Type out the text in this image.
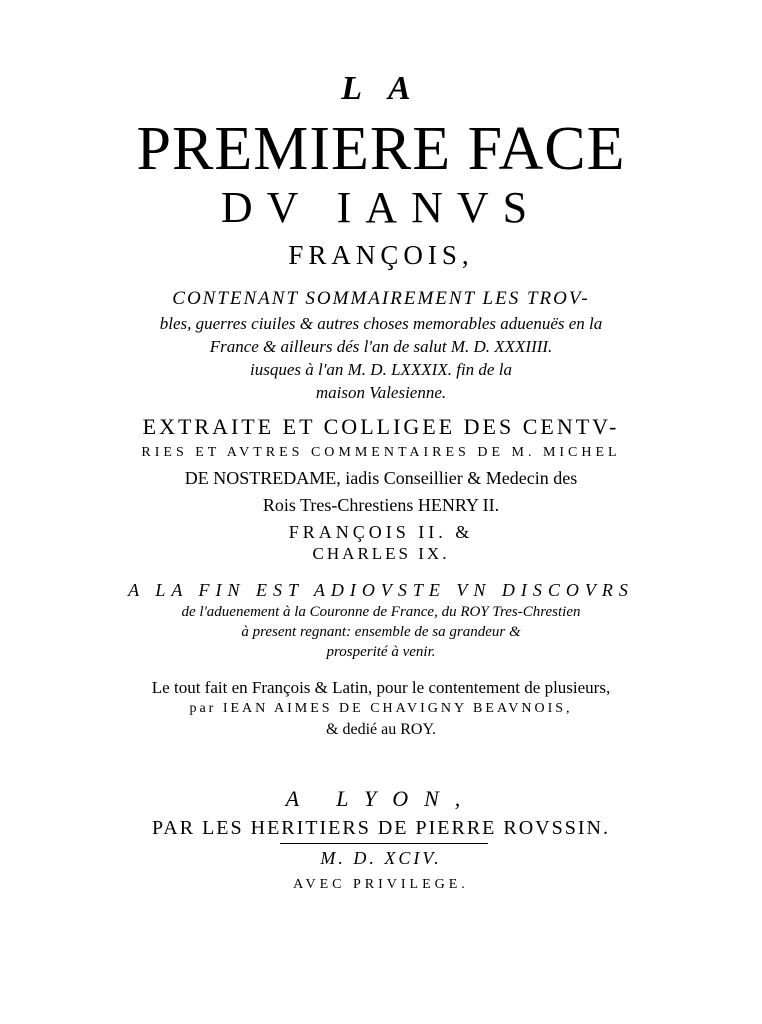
L A
PREMIERE FACE
DV IANVS
FRANÇOIS,
CONTENANT SOMMAIREMENT LES TROV-
bles, guerres ciuiles & autres choses memorables aduenuës en la
France & ailleurs dés l'an de salut M. D. XXXIIII.
iusques à l'an M. D. LXXXIX. fin de la
maison Valesienne.
EXTRAITE ET COLLIGEE DES CENTV-
RIES ET AVTRES COMMENTAIRES DE M. MICHEL
DE NOSTREDAME, iadis Conseillier & Medecin des
Rois Tres-Chrestiens HENRY II.
FRANÇOIS II. &
CHARLES IX.
A LA FIN EST ADIOVSTE VN DISCOVRS
de l'aduenement à la Couronne de France, du ROY Tres-Chrestien
à present regnant: ensemble de sa grandeur &
prosperité à venir.
Le tout fait en François & Latin, pour le contentement de plusieurs,
par IEAN AIMES DE CHAVIGNY BEAVNOIS,
& dedié au ROY.
A LYON,
PAR LES HERITIERS DE PIERRE ROVSSIN.
M. D. XCIV.
AVEC PRIVILEGE.
